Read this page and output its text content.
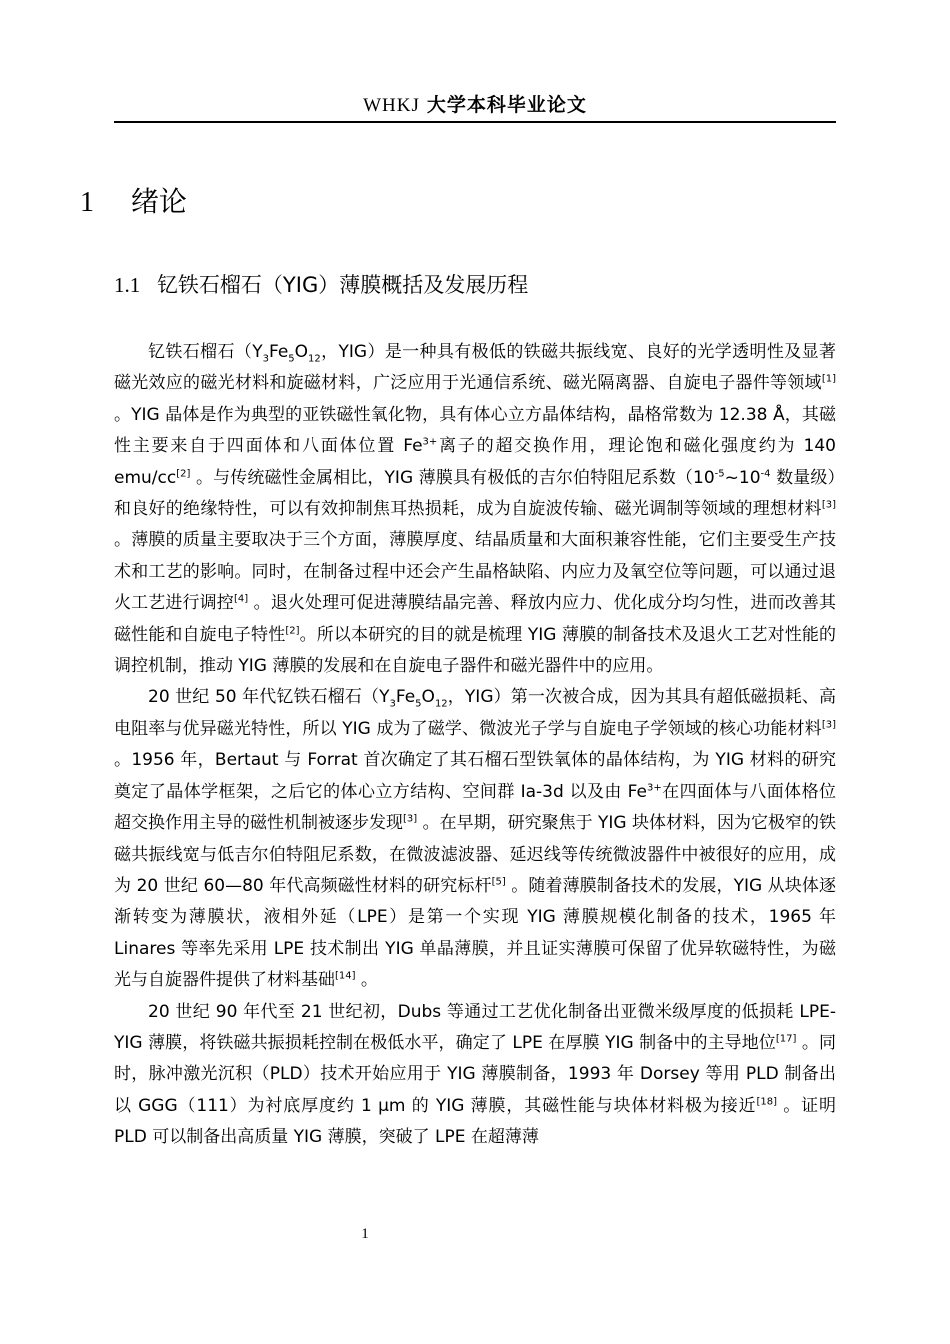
WHKJ 大学本科毕业论文
1 绪论
1.1 钇铁石榴石（YIG）薄膜概括及发展历程

钇铁石榴石（$Y_3Fe_5O_{12}$，YIG）是一种具有极低的铁磁共振线宽、良好的光学透明性及显著磁光效应的磁光材料和旋磁材料，广泛应用于光通信系统、磁光隔离器、自旋电子器件等领域[1] 。YIG 晶体是作为典型的亚铁磁性氧化物，具有体心立方晶体结构，晶格常数为 12.38 Å，其磁性主要来自于四面体和八面体位置 $Fe^{3+}$离子的超交换作用，理论饱和磁化强度约为 140 emu/cc[2] 。与传统磁性金属相比，YIG 薄膜具有极低的吉尔伯特阻尼系数（$10^{-5}\sim 10^{-4}$ 数量级）和良好的绝缘特性，可以有效抑制焦耳热损耗，成为自旋波传输、磁光调制等领域的理想材料[3] 。薄膜的质量主要取决于三个方面，薄膜厚度、结晶质量和大面积兼容性能，它们主要受生产技术和工艺的影响。同时，在制备过程中还会产生晶格缺陷、内应力及氧空位等问题，可以通过退火工艺进行调控[4] 。退火处理可促进薄膜结晶完善、释放内应力、优化成分均匀性，进而改善其磁性能和自旋电子特性[2]。所以本研究的目的就是梳理 YIG 薄膜的制备技术及退火工艺对性能的调控机制，推动 YIG 薄膜的发展和在自旋电子器件和磁光器件中的应用。

20 世纪 50 年代钇铁石榴石（$Y_3Fe_5O_{12}$，YIG）第一次被合成，因为其具有超低磁损耗、高电阻率与优异磁光特性，所以 YIG 成为了磁学、微波光子学与自旋电子学领域的核心功能材料[3] 。1956 年，Bertaut 与 Forrat 首次确定了其石榴石型铁氧体的晶体结构，为 YIG 材料的研究奠定了晶体学框架，之后它的体心立方结构、空间群 Ia-3d 以及由 $Fe^{3+}$在四面体与八面体格位超交换作用主导的磁性机制被逐步发现[3] 。在早期，研究聚焦于 YIG 块体材料，因为它极窄的铁磁共振线宽与低吉尔伯特阻尼系数，在微波滤波器、延迟线等传统微波器件中被很好的应用，成为 20 世纪 60—80 年代高频磁性材料的研究标杆[5] 。随着薄膜制备技术的发展，YIG 从块体逐渐转变为薄膜状，液相外延（LPE）是第一个实现 YIG 薄膜规模化制备的技术，1965 年 Linares 等率先采用 LPE 技术制出 YIG 单晶薄膜，并且证实薄膜可保留了优异软磁特性，为磁光与自旋器件提供了材料基础[14] 。

20 世纪 90 年代至 21 世纪初，Dubs 等通过工艺优化制备出亚微米级厚度的低损耗 LPE-YIG 薄膜，将铁磁共振损耗控制在极低水平，确定了 LPE 在厚膜 YIG 制备中的主导地位[17] 。同时，脉冲激光沉积（PLD）技术开始应用于 YIG 薄膜制备，1993 年 Dorsey 等用 PLD 制备出以 GGG（111）为衬底厚度约 1 μm 的 YIG 薄膜，其磁性能与块体材料极为接近[18] 。证明 PLD 可以制备出高质量 YIG 薄膜，突破了 LPE 在超薄薄

1
